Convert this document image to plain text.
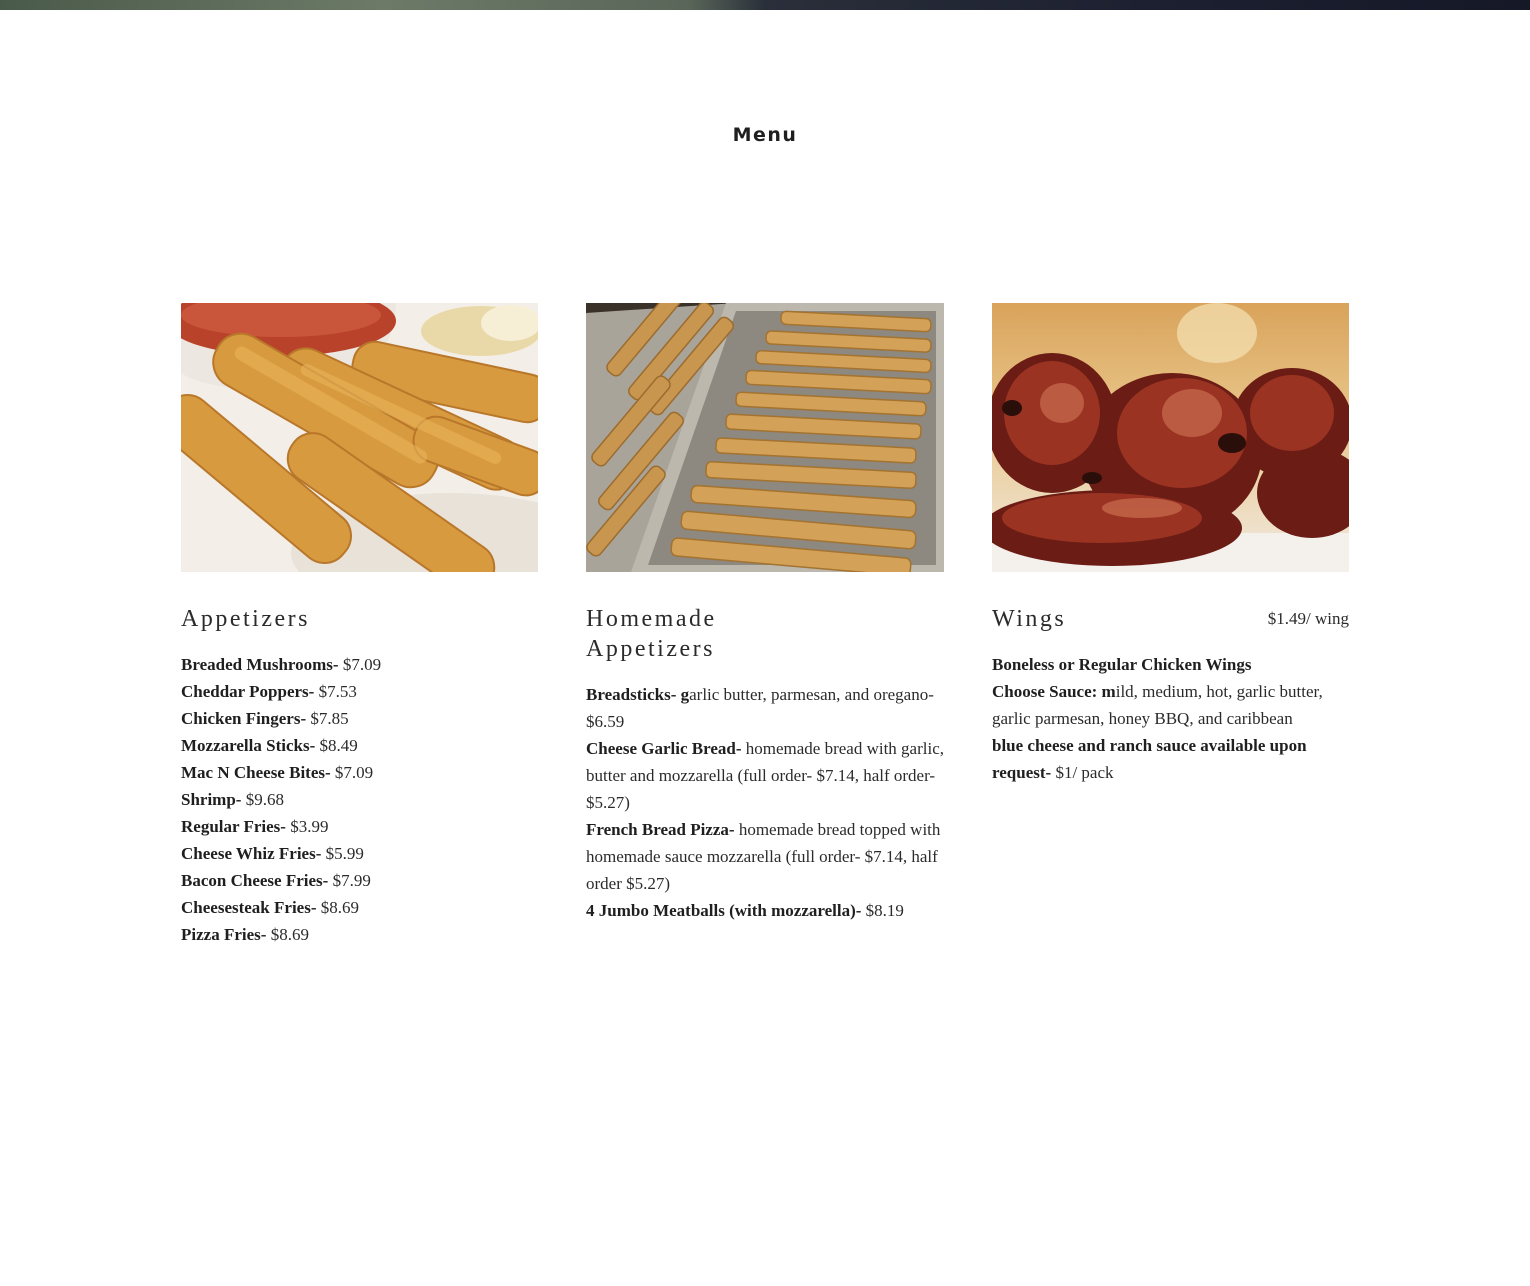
Menu
Appetizers
Breaded Mushrooms- $7.09
Cheddar Poppers- $7.53
Chicken Fingers- $7.85
Mozzarella Sticks- $8.49
Mac N Cheese Bites- $7.09
Shrimp- $9.68
Regular Fries- $3.99
Cheese Whiz Fries- $5.99
Bacon Cheese Fries- $7.99
Cheesesteak Fries- $8.69
Pizza Fries- $8.69
Homemade Appetizers
Breadsticks- garlic butter, parmesan, and oregano- $6.59
Cheese Garlic Bread- homemade bread with garlic, butter and mozzarella (full order- $7.14, half order- $5.27)
French Bread Pizza- homemade bread topped with homemade sauce mozzarella (full order- $7.14, half order $5.27)
4 Jumbo Meatballs (with mozzarella)- $8.19
Wings	$1.49/ wing
Boneless or Regular Chicken Wings
Choose Sauce: mild, medium, hot, garlic butter, garlic parmesan, honey BBQ, and caribbean
blue cheese and ranch sauce available upon request- $1/ pack
